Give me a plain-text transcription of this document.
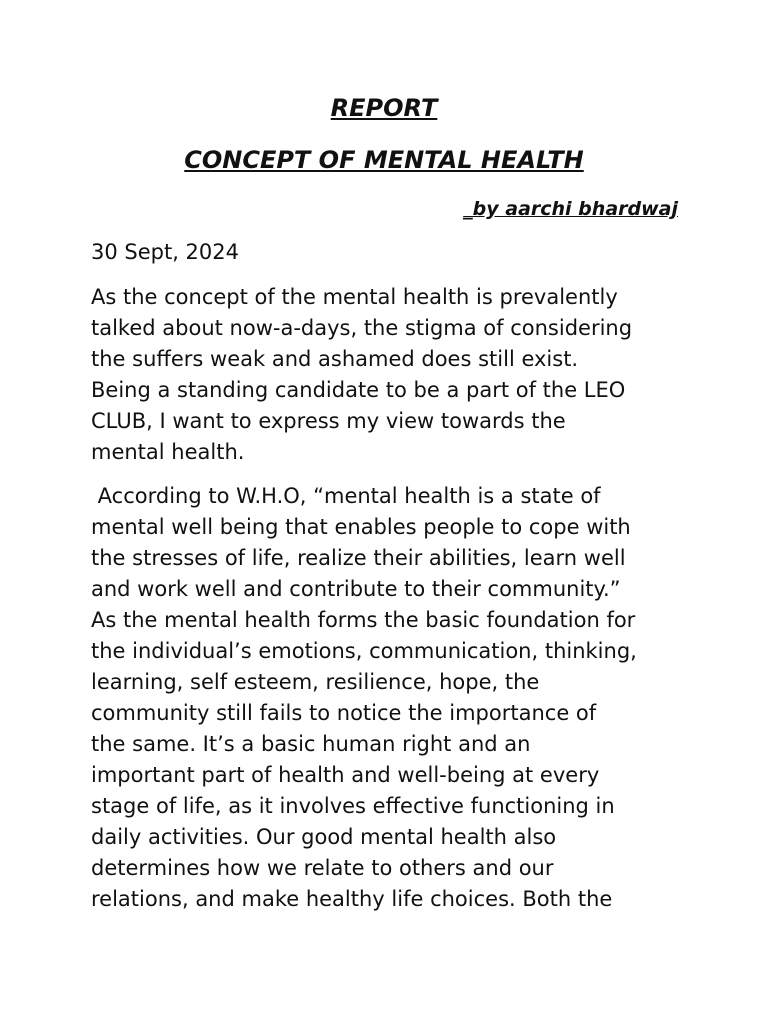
REPORT
CONCEPT OF MENTAL HEALTH

_by aarchi bhardwaj

30 Sept, 2024

As the concept of the mental health is prevalently
talked about now-a-days, the stigma of considering
the suffers weak and ashamed does still exist.
Being a standing candidate to be a part of the LEO
CLUB, I want to express my view towards the
mental health.

According to W.H.O, “mental health is a state of
mental well being that enables people to cope with
the stresses of life, realize their abilities, learn well
and work well and contribute to their community.”
As the mental health forms the basic foundation for
the individual’s emotions, communication, thinking,
learning, self esteem, resilience, hope, the
community still fails to notice the importance of
the same. It’s a basic human right and an
important part of health and well-being at every
stage of life, as it involves effective functioning in
daily activities. Our good mental health also
determines how we relate to others and our
relations, and make healthy life choices. Both the
